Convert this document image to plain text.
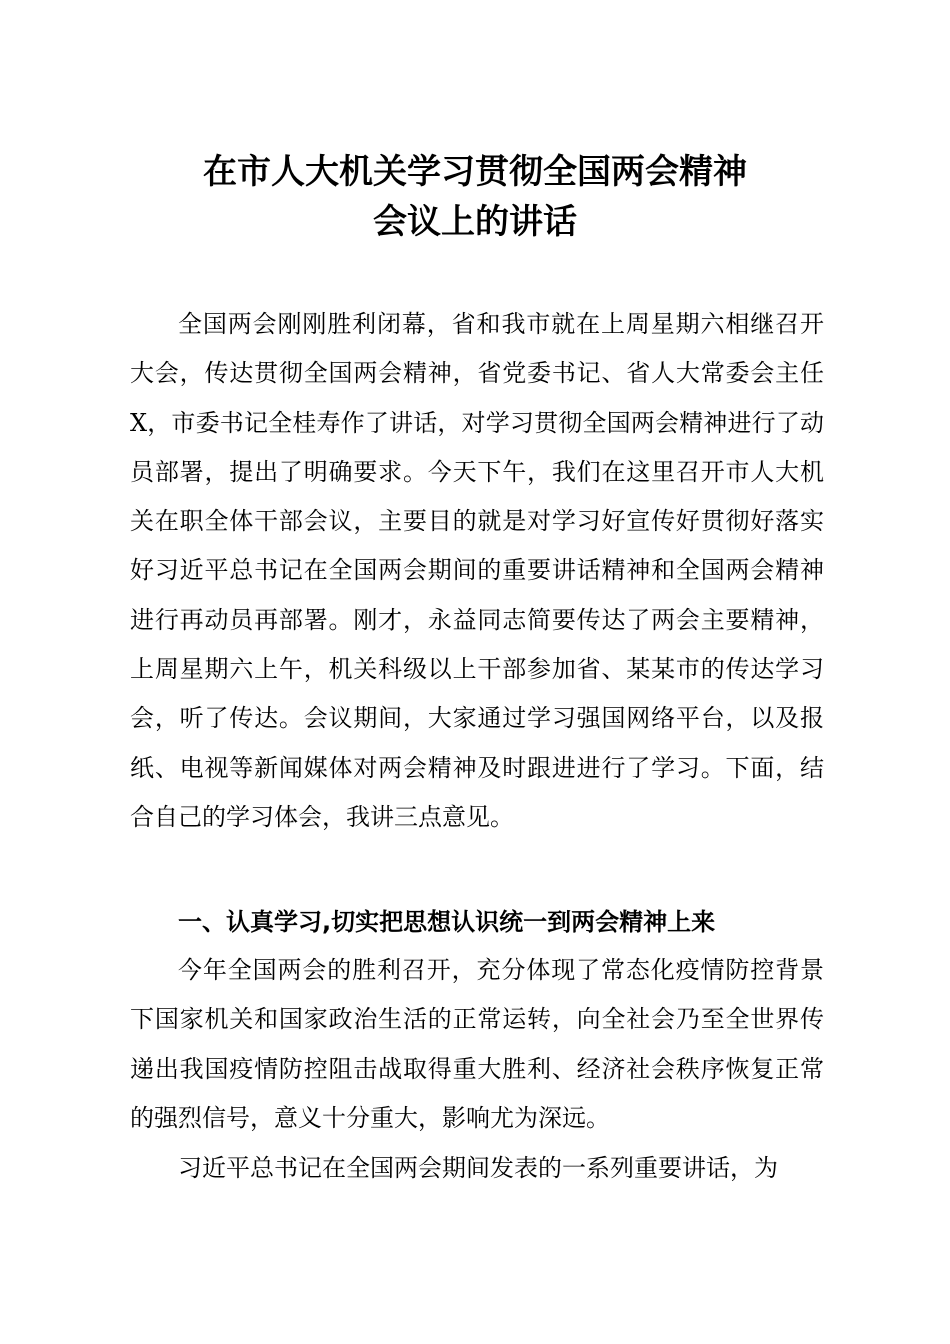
在市人大机关学习贯彻全国两会精神
会议上的讲话

全国两会刚刚胜利闭幕，省和我市就在上周星期六相继召开大会，传达贯彻全国两会精神，省党委书记、省人大常委会主任X，市委书记全桂寿作了讲话，对学习贯彻全国两会精神进行了动员部署，提出了明确要求。今天下午，我们在这里召开市人大机关在职全体干部会议，主要目的就是对学习好宣传好贯彻好落实好习近平总书记在全国两会期间的重要讲话精神和全国两会精神进行再动员再部署。刚才，永益同志简要传达了两会主要精神，上周星期六上午，机关科级以上干部参加省、某某市的传达学习会，听了传达。会议期间，大家通过学习强国网络平台，以及报纸、电视等新闻媒体对两会精神及时跟进进行了学习。下面，结合自己的学习体会，我讲三点意见。

一、认真学习,切实把思想认识统一到两会精神上来

今年全国两会的胜利召开，充分体现了常态化疫情防控背景下国家机关和国家政治生活的正常运转，向全社会乃至全世界传递出我国疫情防控阻击战取得重大胜利、经济社会秩序恢复正常的强烈信号，意义十分重大，影响尤为深远。

习近平总书记在全国两会期间发表的一系列重要讲话，为
